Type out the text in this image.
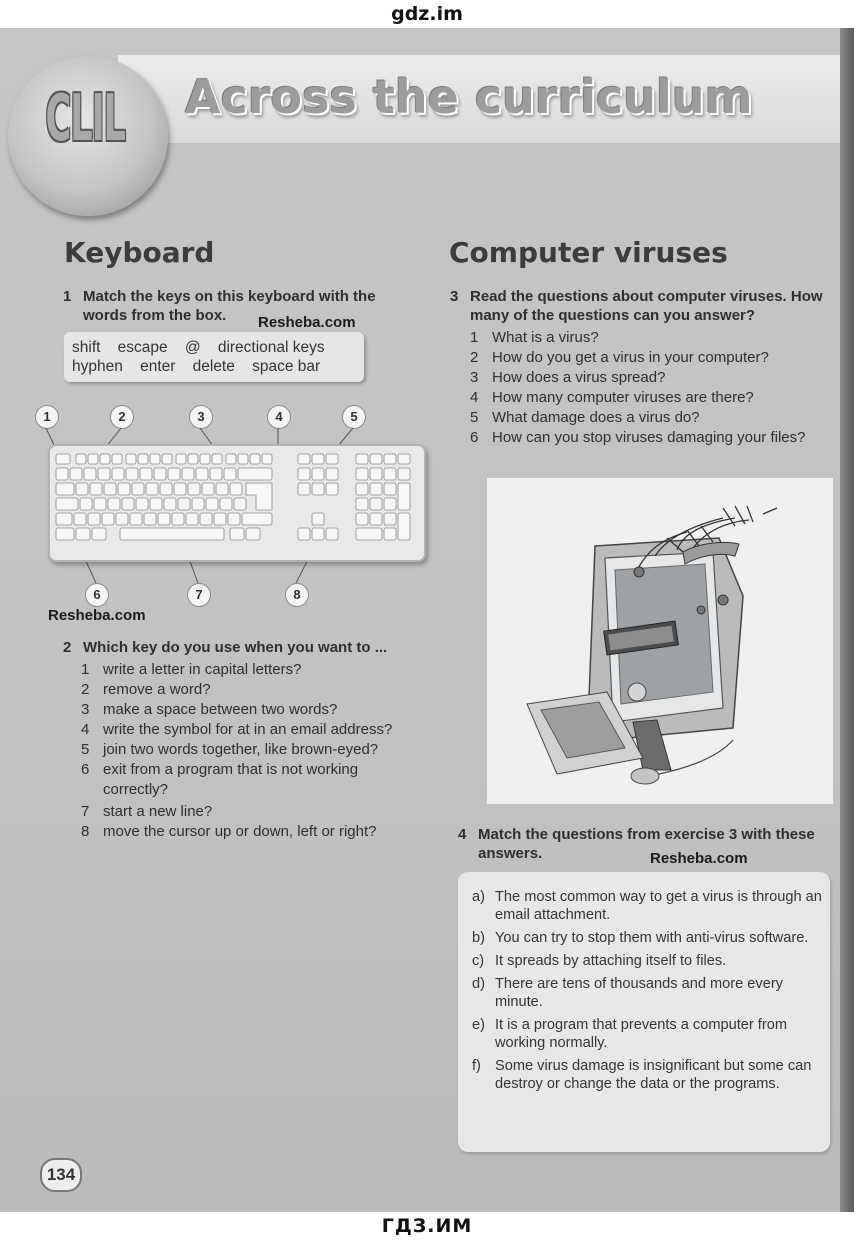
gdz.im
CLIL Across the curriculum
Keyboard
1 Match the keys on this keyboard with the words from the box.	Resheba.com
shift    escape    @    directional keys
hyphen    enter    delete    space bar
1	2	3	4	5
6	7	8
Resheba.com
2 Which key do you use when you want to ...
1 write a letter in capital letters?
2 remove a word?
3 make a space between two words?
4 write the symbol for at in an email address?
5 join two words together, like brown-eyed?
6 exit from a program that is not working correctly?
7 start a new line?
8 move the cursor up or down, left or right?
Computer viruses
3 Read the questions about computer viruses. How many of the questions can you answer?
1 What is a virus?
2 How do you get a virus in your computer?
3 How does a virus spread?
4 How many computer viruses are there?
5 What damage does a virus do?
6 How can you stop viruses damaging your files?
4 Match the questions from exercise 3 with these answers.	Resheba.com
a) The most common way to get a virus is through an email attachment.
b) You can try to stop them with anti-virus software.
c) It spreads by attaching itself to files.
d) There are tens of thousands and more every minute.
e) It is a program that prevents a computer from working normally.
f) Some virus damage is insignificant but some can destroy or change the data or the programs.
134
ГДЗ.ИМ
